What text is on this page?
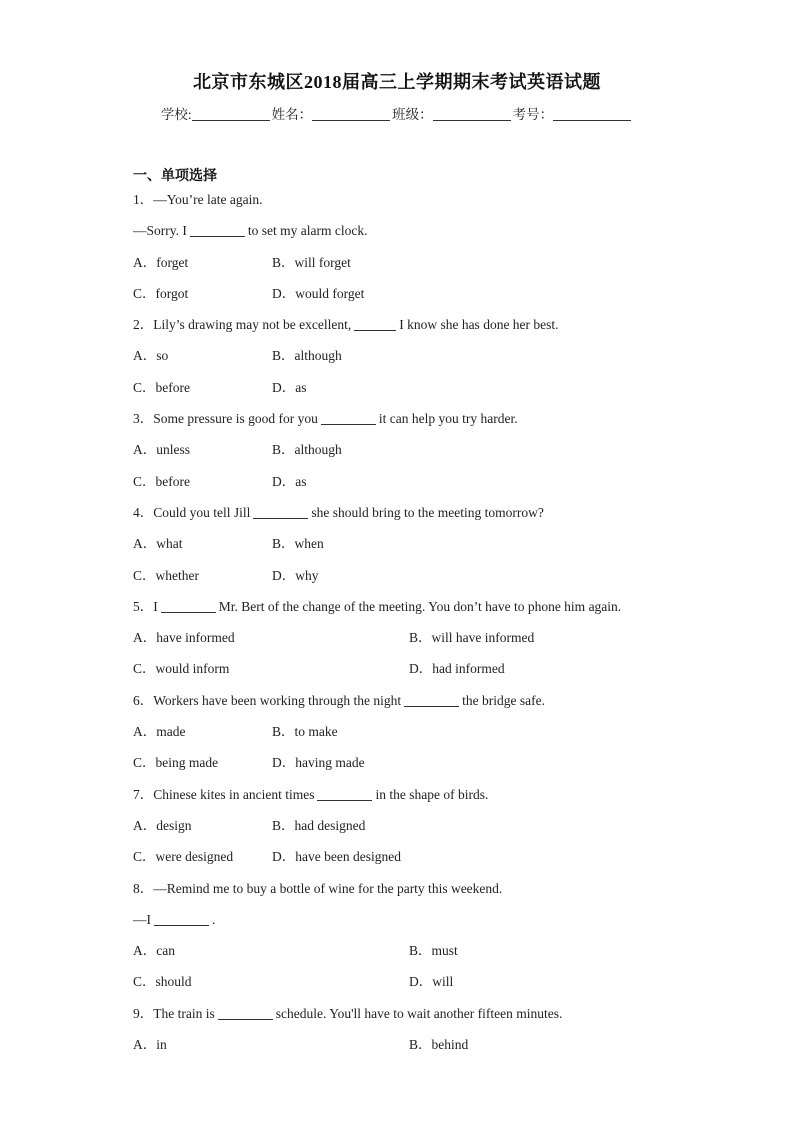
北京市东城区2018届高三上学期期末考试英语试题
学校:	姓名：	班级：	考号：
一、单项选择
1．—You’re late again.
—Sorry. I	to set my alarm clock.
A．forget	B．will forget
C．forgot	D．would forget
2．Lily’s drawing may not be excellent,	I know she has done her best.
A．so	B．although
C．before	D．as
3．Some pressure is good for you	it can help you try harder.
A．unless	B．although
C．before	D．as
4．Could you tell Jill	she should bring to the meeting tomorrow?
A．what	B．when
C．whether	D．why
5．I	Mr. Bert of the change of the meeting. You don’t have to phone him again.
A．have informed	B．will have informed
C．would inform	D．had informed
6．Workers have been working through the night	the bridge safe.
A．made	B．to make
C．being made	D．having made
7．Chinese kites in ancient times	in the shape of birds.
A．design	B．had designed
C．were designed	D．have been designed
8．—Remind me to buy a bottle of wine for the party this weekend.
—I	.
A．can	B．must
C．should	D．will
9．The train is	schedule. You'll have to wait another fifteen minutes.
A．in	B．behind
